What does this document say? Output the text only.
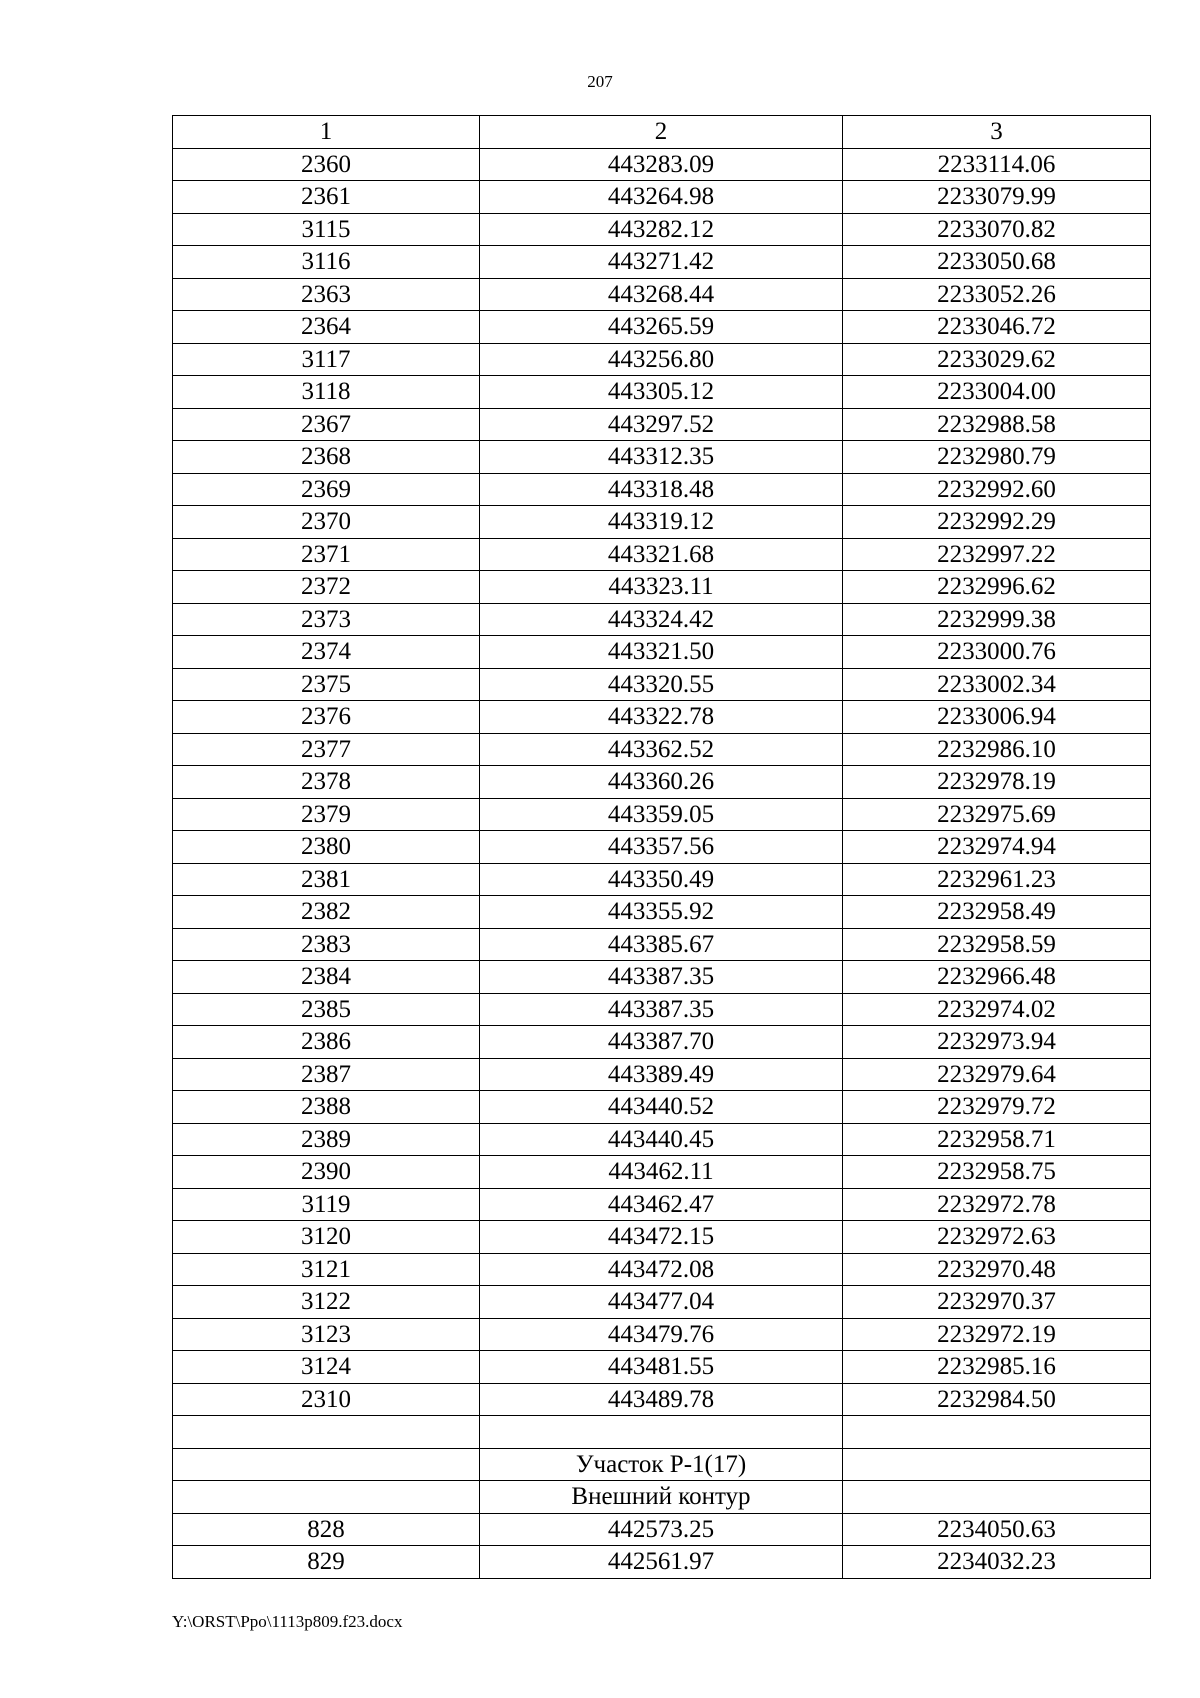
207
1	2	3
2360	443283.09	2233114.06
2361	443264.98	2233079.99
3115	443282.12	2233070.82
3116	443271.42	2233050.68
2363	443268.44	2233052.26
2364	443265.59	2233046.72
3117	443256.80	2233029.62
3118	443305.12	2233004.00
2367	443297.52	2232988.58
2368	443312.35	2232980.79
2369	443318.48	2232992.60
2370	443319.12	2232992.29
2371	443321.68	2232997.22
2372	443323.11	2232996.62
2373	443324.42	2232999.38
2374	443321.50	2233000.76
2375	443320.55	2233002.34
2376	443322.78	2233006.94
2377	443362.52	2232986.10
2378	443360.26	2232978.19
2379	443359.05	2232975.69
2380	443357.56	2232974.94
2381	443350.49	2232961.23
2382	443355.92	2232958.49
2383	443385.67	2232958.59
2384	443387.35	2232966.48
2385	443387.35	2232974.02
2386	443387.70	2232973.94
2387	443389.49	2232979.64
2388	443440.52	2232979.72
2389	443440.45	2232958.71
2390	443462.11	2232958.75
3119	443462.47	2232972.78
3120	443472.15	2232972.63
3121	443472.08	2232970.48
3122	443477.04	2232970.37
3123	443479.76	2232972.19
3124	443481.55	2232985.16
2310	443489.78	2232984.50

	Участок Р-1(17)	
	Внешний контур	
828	442573.25	2234050.63
829	442561.97	2234032.23
Y:\ORST\Ppo\1113p809.f23.docx
